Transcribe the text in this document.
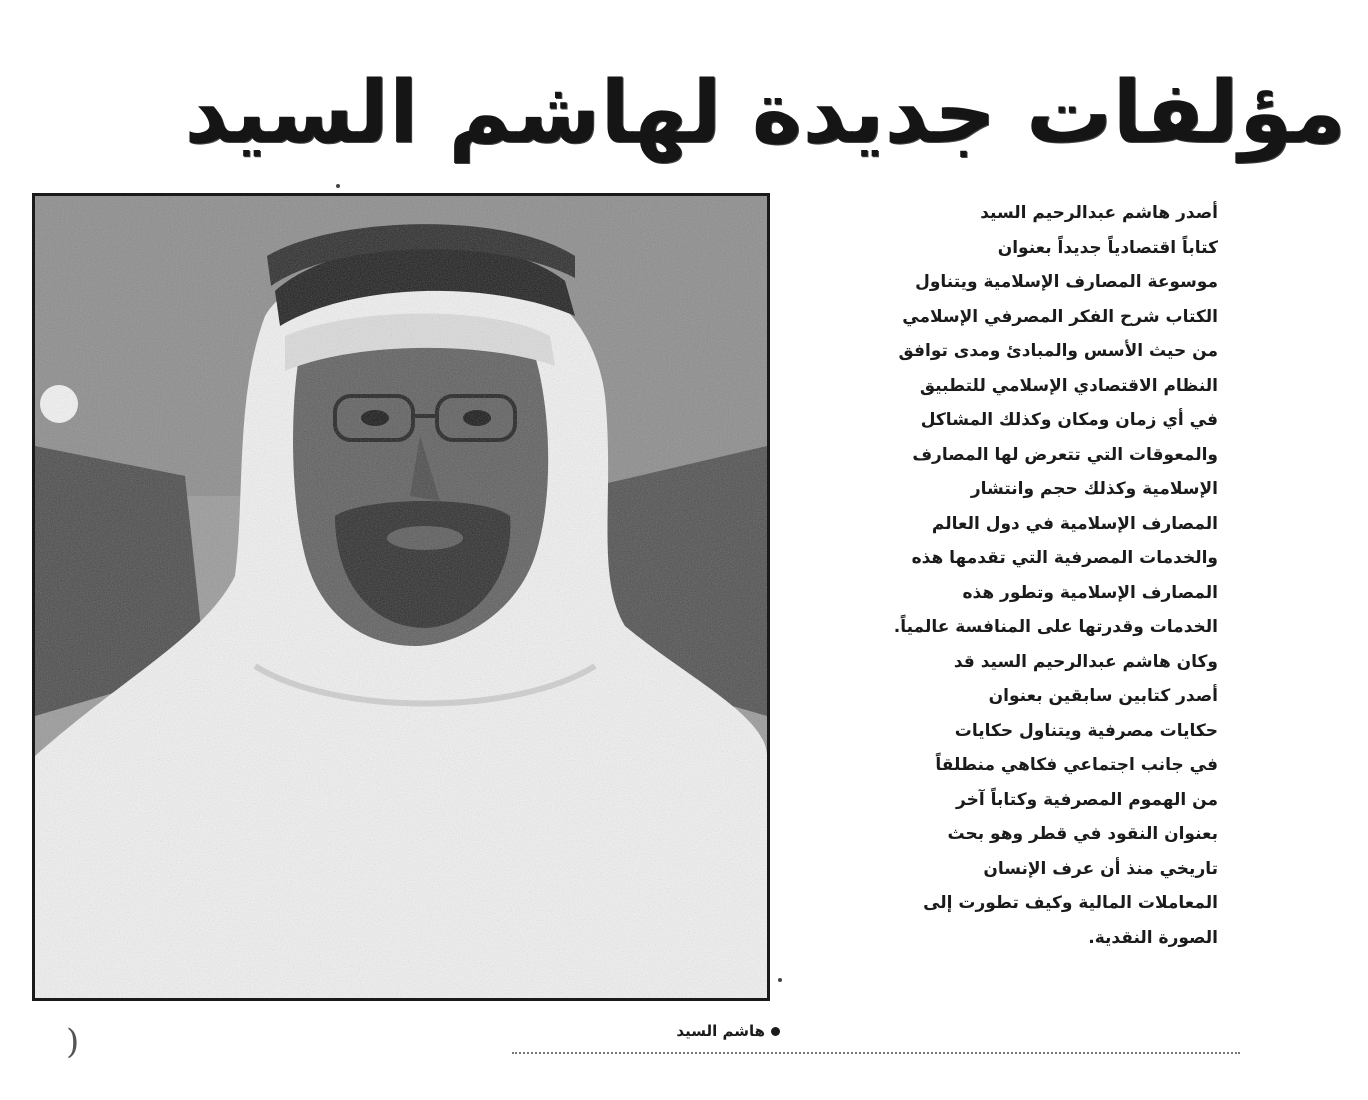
مؤلفات جديدة لهاشم السيد
أصدر هاشم عبدالرحيم السيد
كتاباً اقتصادياً جديداً بعنوان
موسوعة المصارف الإسلامية ويتناول
الكتاب شرح الفكر المصرفي الإسلامي
من حيث الأسس والمبادئ ومدى توافق
النظام الاقتصادي الإسلامي للتطبيق
في أي زمان ومكان وكذلك المشاكل
والمعوقات التي تتعرض لها المصارف
الإسلامية وكذلك حجم وانتشار
المصارف الإسلامية في دول العالم
والخدمات المصرفية التي تقدمها هذه
المصارف الإسلامية وتطور هذه
الخدمات وقدرتها على المنافسة عالمياً.
وكان هاشم عبدالرحيم السيد قد
أصدر كتابين سابقين بعنوان
حكايات مصرفية ويتناول حكايات
في جانب اجتماعي فكاهي منطلقاً
من الهموم المصرفية وكتاباً آخر
بعنوان النقود في قطر وهو بحث
تاريخي منذ أن عرف الإنسان
المعاملات المالية وكيف تطورت إلى
الصورة النقدية.
هاشم السيد
)
